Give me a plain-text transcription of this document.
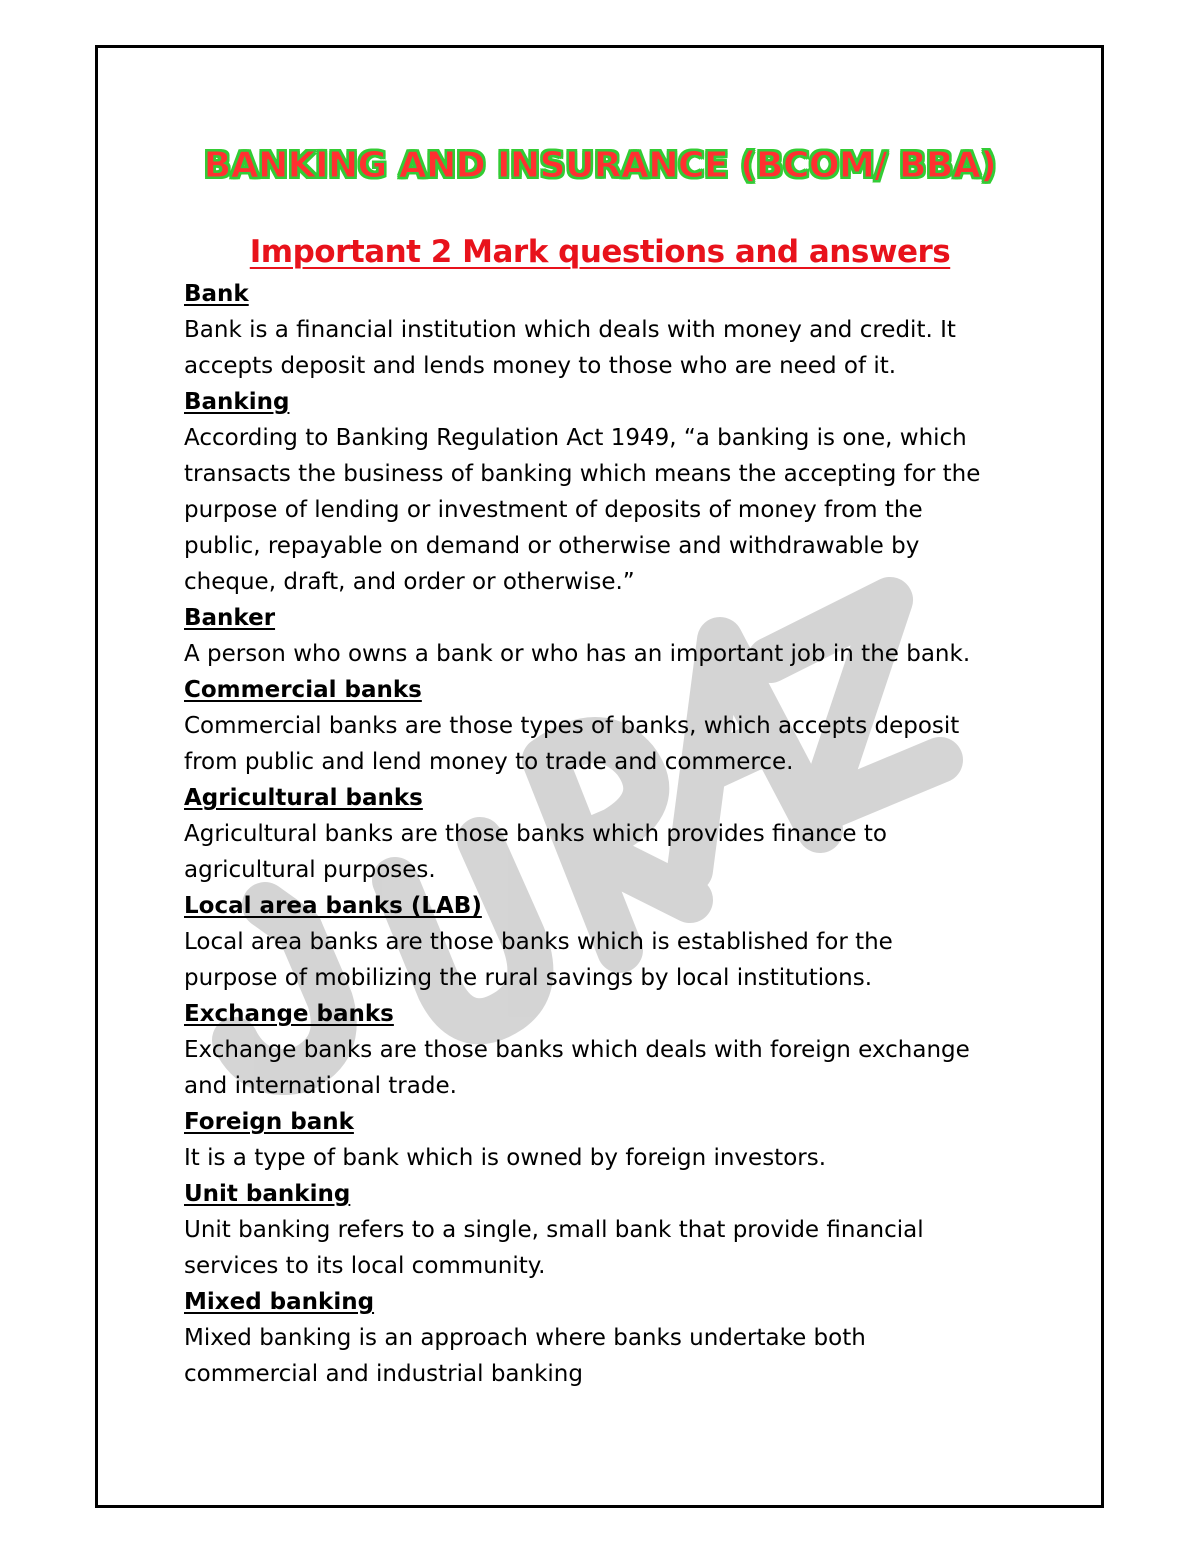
BANKING AND INSURANCE (BCOM/ BBA)
Important 2 Mark questions and answers
Bank
Bank is a financial institution which deals with money and credit. It
accepts deposit and lends money to those who are need of it.
Banking
According to Banking Regulation Act 1949, “a banking is one, which
transacts the business of banking which means the accepting for the
purpose of lending or investment of deposits of money from the
public, repayable on demand or otherwise and withdrawable by
cheque, draft, and order or otherwise.”
Banker
A person who owns a bank or who has an important job in the bank.
Commercial banks
Commercial banks are those types of banks, which accepts deposit
from public and lend money to trade and commerce.
Agricultural banks
Agricultural banks are those banks which provides finance to
agricultural purposes.
Local area banks (LAB)
Local area banks are those banks which is established for the
purpose of mobilizing the rural savings by local institutions.
Exchange banks
Exchange banks are those banks which deals with foreign exchange
and international trade.
Foreign bank
It is a type of bank which is owned by foreign investors.
Unit banking
Unit banking refers to a single, small bank that provide financial
services to its local community.
Mixed banking
Mixed banking is an approach where banks undertake both
commercial and industrial banking
